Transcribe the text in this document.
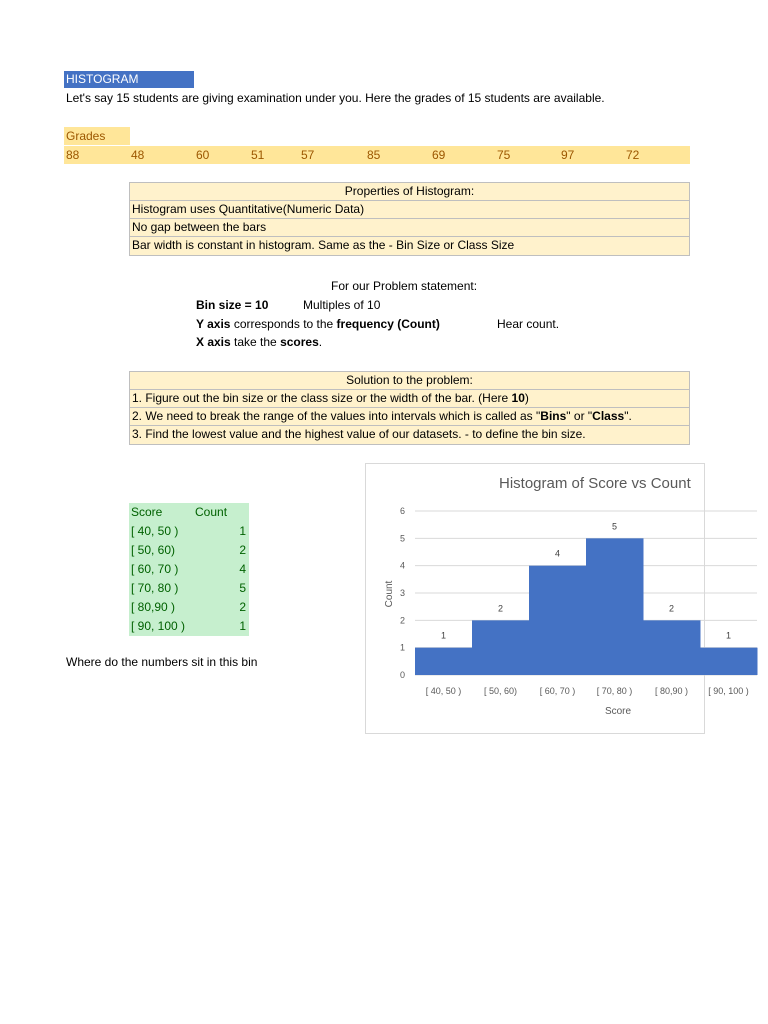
HISTOGRAM
Let's say 15 students are giving examination under you. Here the grades of 15 students are available.
Grades
88	48	60	51	57	85	69	75	97	72
Properties of Histogram:
Histogram uses Quantitative(Numeric Data)
No gap between the bars
Bar width is constant in histogram. Same as the - Bin Size or Class Size
For our Problem statement:
Bin size = 10	Multiples of 10
Y axis corresponds to the frequency (Count)	Hear count.
X axis take the scores.
Solution to the problem:
1. Figure out the bin size or the class size or the width of the bar. (Here 10)
2. We need to break the range of the values into intervals which is called as "Bins" or "Class".
3. Find the lowest value and the highest value of our datasets. - to define the bin size.
Score	Count
[ 40, 50 )	1
[ 50, 60)	2
[ 60, 70 )	4
[ 70, 80 )	5
[ 80,90 )	2
[ 90, 100 )	1
Where do the numbers sit in this bin
Histogram of Score vs Count
0
1
2
3
4
5
6
1
[ 40, 50 )
2
[ 50, 60)
4
[ 60, 70 )
5
[ 70, 80 )
2
[ 80,90 )
1
[ 90, 100 )
Score
Count
